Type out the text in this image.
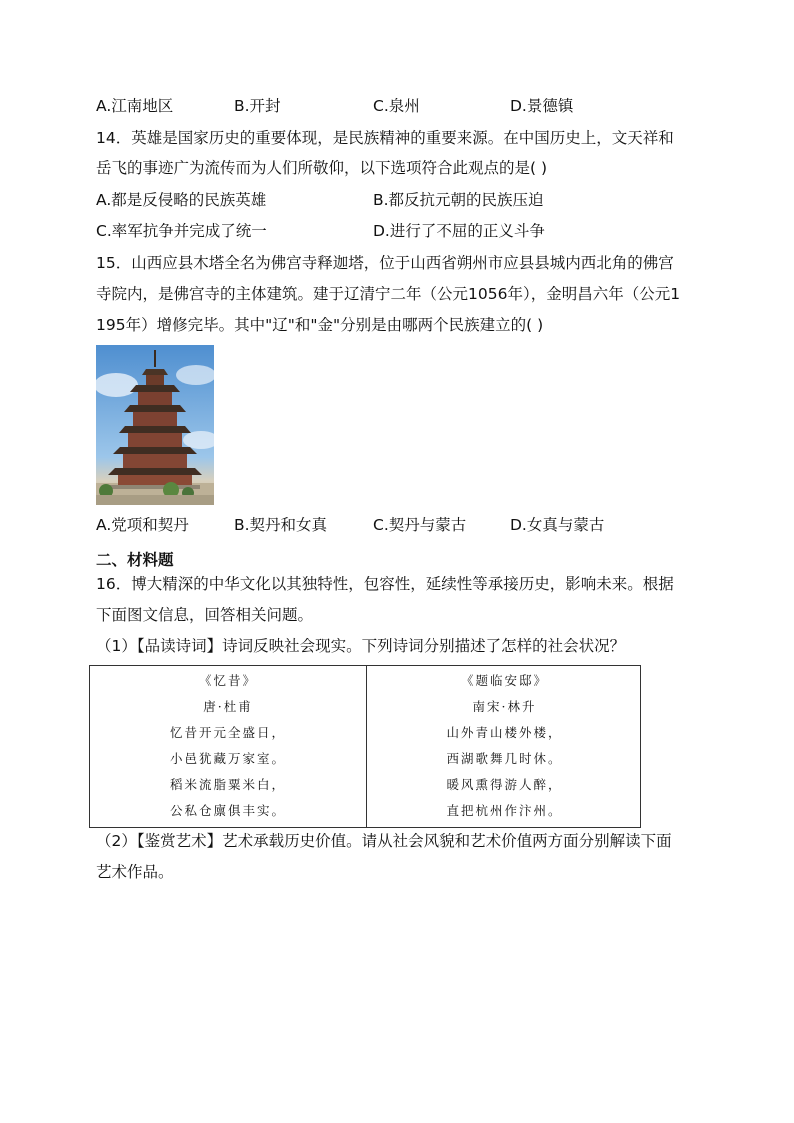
A.江南地区	B.开封	C.泉州	D.景德镇
14．英雄是国家历史的重要体现，是民族精神的重要来源。在中国历史上，文天祥和
岳飞的事迹广为流传而为人们所敬仰，以下选项符合此观点的是( )
A.都是反侵略的民族英雄	B.都反抗元朝的民族压迫
C.率军抗争并完成了统一	D.进行了不屈的正义斗争
15．山西应县木塔全名为佛宫寺释迦塔，位于山西省朔州市应县县城内西北角的佛宫
寺院内，是佛宫寺的主体建筑。建于辽清宁二年（公元1056年），金明昌六年（公元1
195年）增修完毕。其中"辽"和"金"分别是由哪两个民族建立的( )
A.党项和契丹	B.契丹和女真	C.契丹与蒙古	D.女真与蒙古
二、材料题
16．博大精深的中华文化以其独特性，包容性，延续性等承接历史，影响未来。根据
下面图文信息，回答相关问题。
（1）【品读诗词】诗词反映社会现实。下列诗词分别描述了怎样的社会状况？
《忆昔》
唐·杜甫
忆昔开元全盛日，
小邑犹藏万家室。
稻米流脂粟米白，
公私仓廪俱丰实。
《题临安邸》
南宋·林升
山外青山楼外楼，
西湖歌舞几时休。
暖风熏得游人醉，
直把杭州作汴州。
（2）【鉴赏艺术】艺术承载历史价值。请从社会风貌和艺术价值两方面分别解读下面
艺术作品。
